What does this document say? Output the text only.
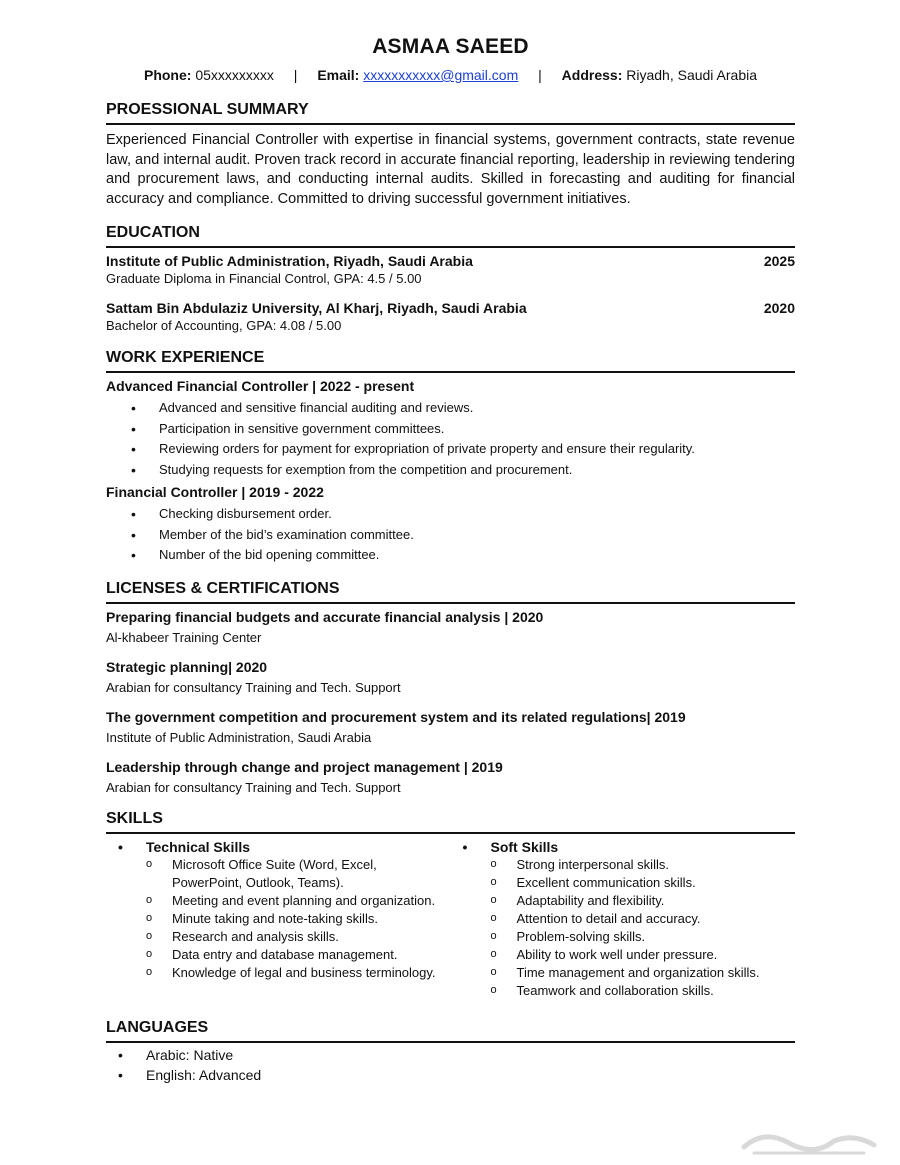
ASMAA SAEED
Phone: 05xxxxxxxxx | Email: xxxxxxxxxxx@gmail.com | Address: Riyadh, Saudi Arabia
PROESSIONAL SUMMARY

Experienced Financial Controller with expertise in financial systems, government contracts, state revenue law, and internal audit. Proven track record in accurate financial reporting, leadership in reviewing tendering and procurement laws, and conducting internal audits. Skilled in forecasting and auditing for financial accuracy and compliance. Committed to driving successful government initiatives.

EDUCATION
Institute of Public Administration, Riyadh, Saudi Arabia	2025
Graduate Diploma in Financial Control, GPA: 4.5 / 5.00
Sattam Bin Abdulaziz University, Al Kharj, Riyadh, Saudi Arabia	2020
Bachelor of Accounting, GPA: 4.08 / 5.00
WORK EXPERIENCE
Advanced Financial Controller | 2022 - present
• Advanced and sensitive financial auditing and reviews.
• Participation in sensitive government committees.
• Reviewing orders for payment for expropriation of private property and ensure their regularity.
• Studying requests for exemption from the competition and procurement.
Financial Controller | 2019 - 2022
• Checking disbursement order.
• Member of the bid’s examination committee.
• Number of the bid opening committee.
LICENSES & CERTIFICATIONS
Preparing financial budgets and accurate financial analysis | 2020
Al-khabeer Training Center
Strategic planning| 2020
Arabian for consultancy Training and Tech. Support
The government competition and procurement system and its related regulations| 2019
Institute of Public Administration, Saudi Arabia
Leadership through change and project management | 2019
Arabian for consultancy Training and Tech. Support
SKILLS
• Technical Skills
o Microsoft Office Suite (Word, Excel, PowerPoint, Outlook, Teams).
o Meeting and event planning and organization.
o Minute taking and note-taking skills.
o Research and analysis skills.
o Data entry and database management.
o Knowledge of legal and business terminology.
• Soft Skills
o Strong interpersonal skills.
o Excellent communication skills.
o Adaptability and flexibility.
o Attention to detail and accuracy.
o Problem-solving skills.
o Ability to work well under pressure.
o Time management and organization skills.
o Teamwork and collaboration skills.
LANGUAGES
• Arabic: Native
• English: Advanced
